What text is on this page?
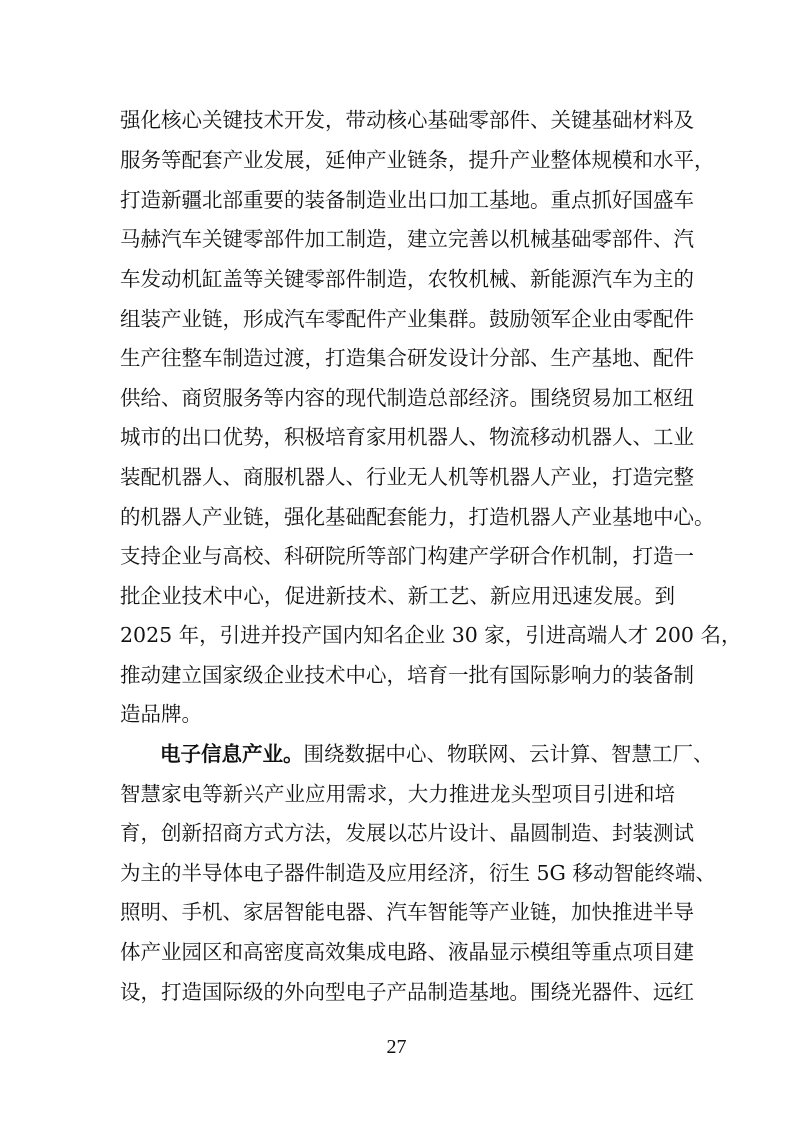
强化核心关键技术开发，带动核心基础零部件、关键基础材料及
服务等配套产业发展，延伸产业链条，提升产业整体规模和水平，
打造新疆北部重要的装备制造业出口加工基地。重点抓好国盛车
马赫汽车关键零部件加工制造，建立完善以机械基础零部件、汽
车发动机缸盖等关键零部件制造，农牧机械、新能源汽车为主的
组装产业链，形成汽车零配件产业集群。鼓励领军企业由零配件
生产往整车制造过渡，打造集合研发设计分部、生产基地、配件
供给、商贸服务等内容的现代制造总部经济。围绕贸易加工枢纽
城市的出口优势，积极培育家用机器人、物流移动机器人、工业
装配机器人、商服机器人、行业无人机等机器人产业，打造完整
的机器人产业链，强化基础配套能力，打造机器人产业基地中心。
支持企业与高校、科研院所等部门构建产学研合作机制，打造一
批企业技术中心，促进新技术、新工艺、新应用迅速发展。到
2025 年，引进并投产国内知名企业 30 家，引进高端人才 200 名，
推动建立国家级企业技术中心，培育一批有国际影响力的装备制
造品牌。
电子信息产业。围绕数据中心、物联网、云计算、智慧工厂、
智慧家电等新兴产业应用需求，大力推进龙头型项目引进和培
育，创新招商方式方法，发展以芯片设计、晶圆制造、封装测试
为主的半导体电子器件制造及应用经济，衍生 5G 移动智能终端、
照明、手机、家居智能电器、汽车智能等产业链，加快推进半导
体产业园区和高密度高效集成电路、液晶显示模组等重点项目建
设，打造国际级的外向型电子产品制造基地。围绕光器件、远红
27
